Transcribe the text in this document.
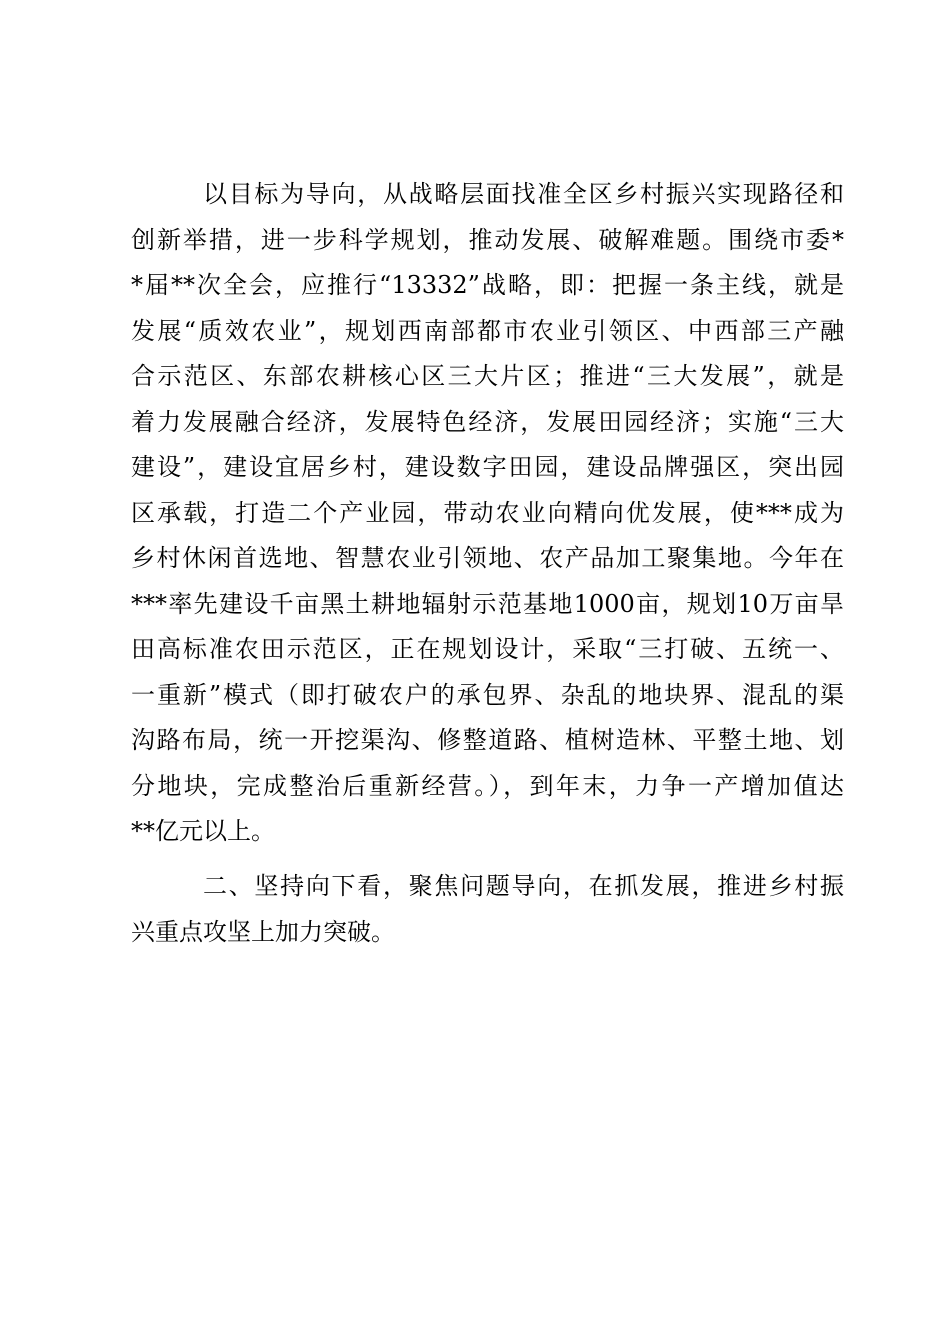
以目标为导向，从战略层面找准全区乡村振兴实现路径和
创新举措，进一步科学规划，推动发展、破解难题。围绕市委*
*届**次全会，应推行“13332”战略，即：把握一条主线，就是
发展“质效农业”，规划西南部都市农业引领区、中西部三产融
合示范区、东部农耕核心区三大片区；推进“三大发展”，就是
着力发展融合经济，发展特色经济，发展田园经济；实施“三大
建设”，建设宜居乡村，建设数字田园，建设品牌强区，突出园
区承载，打造二个产业园，带动农业向精向优发展，使***成为
乡村休闲首选地、智慧农业引领地、农产品加工聚集地。今年在
***率先建设千亩黑土耕地辐射示范基地1000亩，规划10万亩旱
田高标准农田示范区，正在规划设计，采取“三打破、五统一、
一重新”模式（即打破农户的承包界、杂乱的地块界、混乱的渠
沟路布局，统一开挖渠沟、修整道路、植树造林、平整土地、划
分地块，完成整治后重新经营。），到年末，力争一产增加值达
**亿元以上。
二、坚持向下看，聚焦问题导向，在抓发展，推进乡村振
兴重点攻坚上加力突破。
